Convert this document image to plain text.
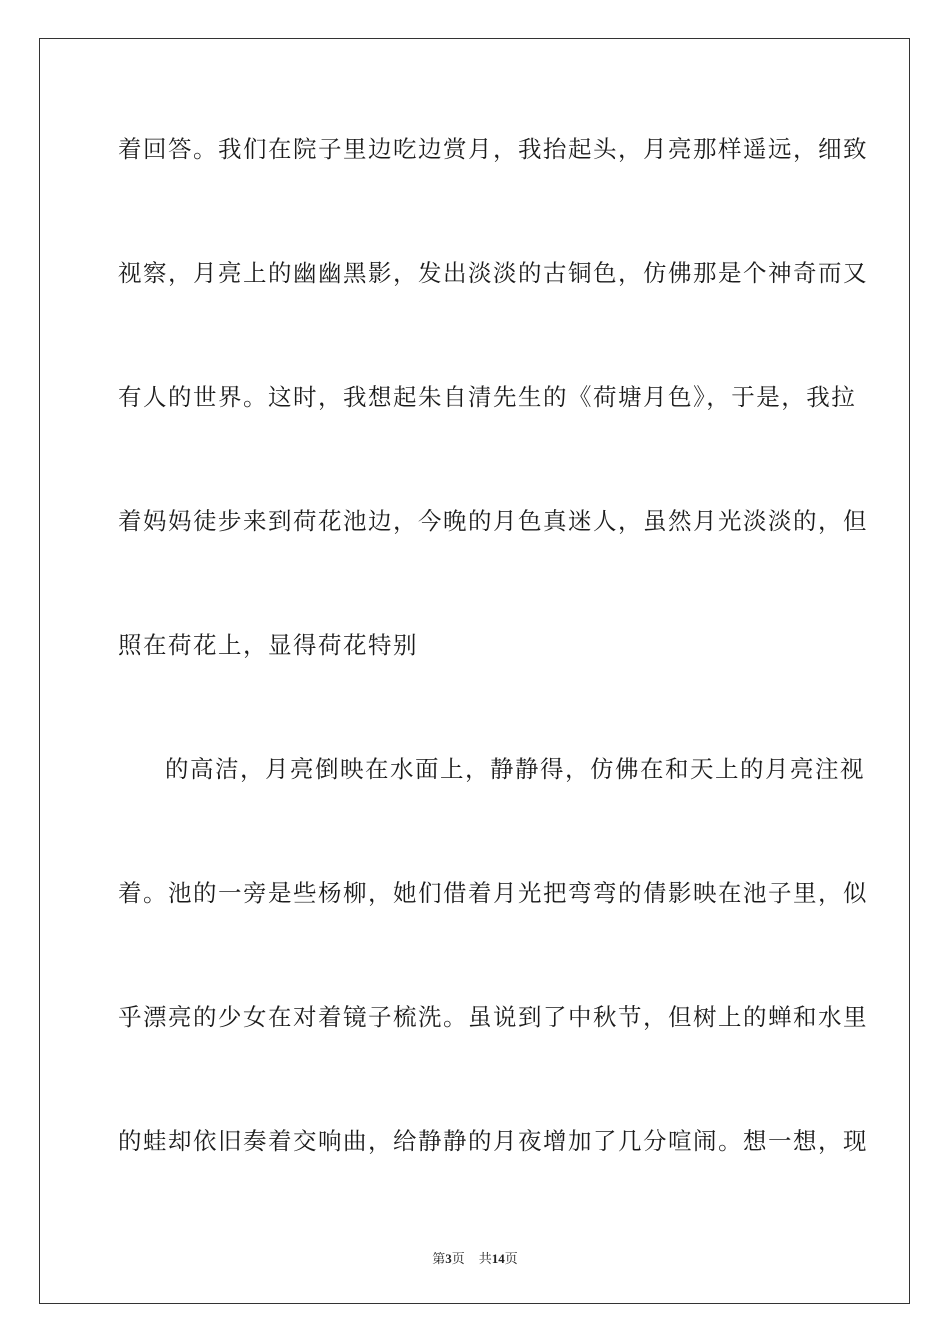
着回答。我们在院子里边吃边赏月，我抬起头，月亮那样遥远，细致
视察，月亮上的幽幽黑影，发出淡淡的古铜色，仿佛那是个神奇而又
有人的世界。这时，我想起朱自清先生的《荷塘月色》，于是，我拉
着妈妈徒步来到荷花池边，今晚的月色真迷人，虽然月光淡淡的，但
照在荷花上，显得荷花特别
的高洁，月亮倒映在水面上，静静得，仿佛在和天上的月亮注视
着。池的一旁是些杨柳，她们借着月光把弯弯的倩影映在池子里，似
乎漂亮的少女在对着镜子梳洗。虽说到了中秋节，但树上的蝉和水里
的蛙却依旧奏着交响曲，给静静的月夜增加了几分喧闹。想一想，现
第3页 共14页
